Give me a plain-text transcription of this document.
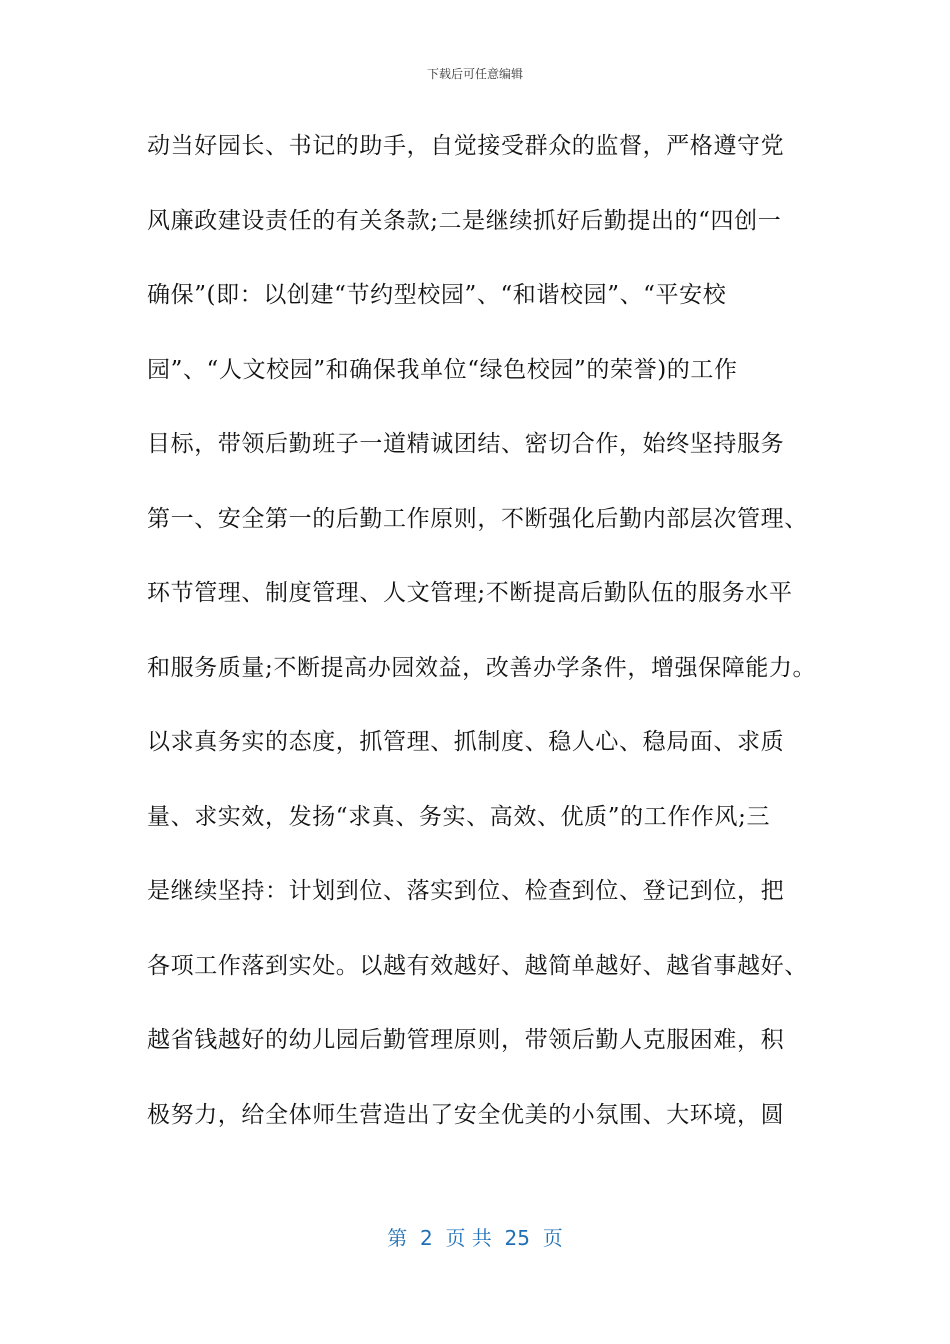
下载后可任意编辑
动当好园长、书记的助手，自觉接受群众的监督，严格遵守党
风廉政建设责任的有关条款;二是继续抓好后勤提出的“四创一
确保”(即：以创建“节约型校园”、“和谐校园”、“平安校
园”、“人文校园”和确保我单位“绿色校园”的荣誉)的工作
目标，带领后勤班子一道精诚团结、密切合作，始终坚持服务
第一、安全第一的后勤工作原则，不断强化后勤内部层次管理、
环节管理、制度管理、人文管理;不断提高后勤队伍的服务水平
和服务质量;不断提高办园效益，改善办学条件，增强保障能力。
以求真务实的态度，抓管理、抓制度、稳人心、稳局面、求质
量、求实效，发扬“求真、务实、高效、优质”的工作作风;三
是继续坚持：计划到位、落实到位、检查到位、登记到位，把
各项工作落到实处。以越有效越好、越简单越好、越省事越好、
越省钱越好的幼儿园后勤管理原则，带领后勤人克服困难，积
极努力，给全体师生营造出了安全优美的小氛围、大环境，圆
第  2  页 共  25  页
